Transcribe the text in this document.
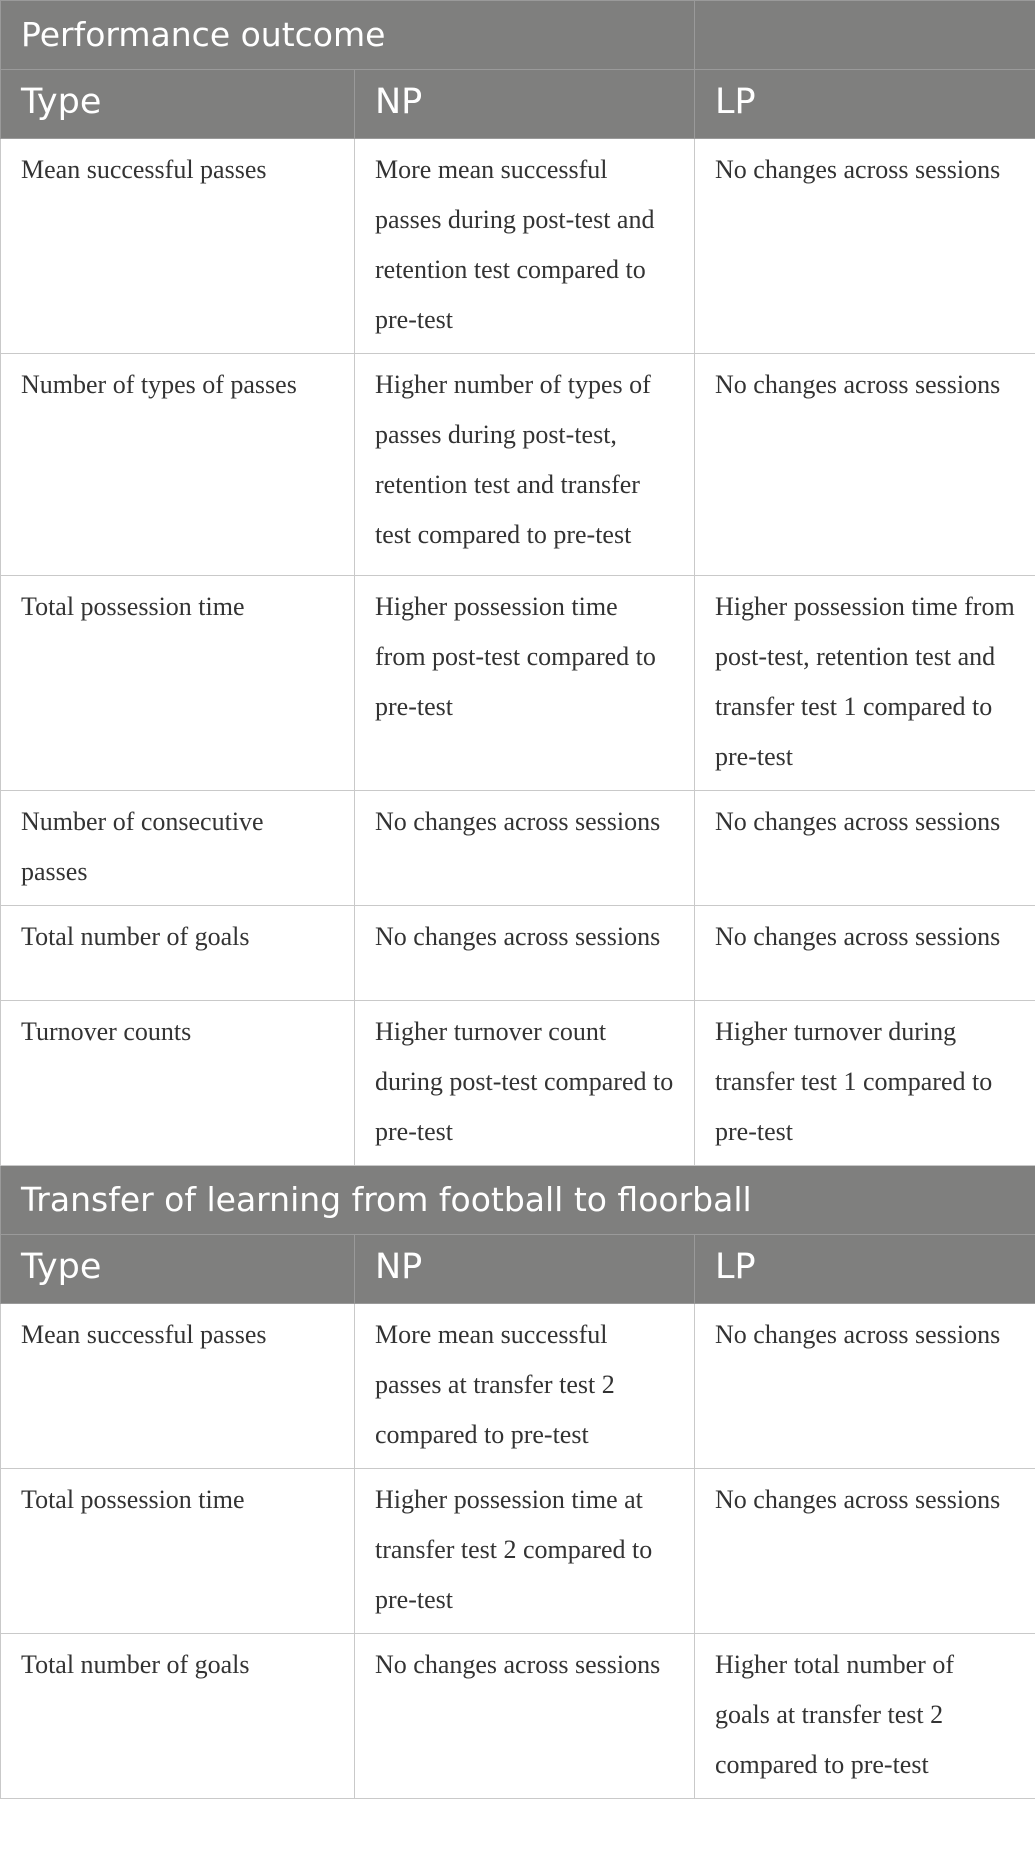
Performance outcome		
Type	NP	LP
Mean successful passes	More mean successful passes during post-test and retention test compared to pre-test	No changes across sessions
Number of types of passes	Higher number of types of passes during post-test, retention test and transfer test compared to pre-test	No changes across sessions
Total possession time	Higher possession time from post-test compared to pre-test	Higher possession time from post-test, retention test and transfer test 1 compared to pre-test
Number of consecutive passes	No changes across sessions	No changes across sessions
Total number of goals	No changes across sessions	No changes across sessions
Turnover counts	Higher turnover count during post-test compared to pre-test	Higher turnover during transfer test 1 compared to pre-test
Transfer of learning from football to floorball		
Type	NP	LP
Mean successful passes	More mean successful passes at transfer test 2 compared to pre-test	No changes across sessions
Total possession time	Higher possession time at transfer test 2 compared to pre-test	No changes across sessions
Total number of goals	No changes across sessions	Higher total number of goals at transfer test 2 compared to pre-test
